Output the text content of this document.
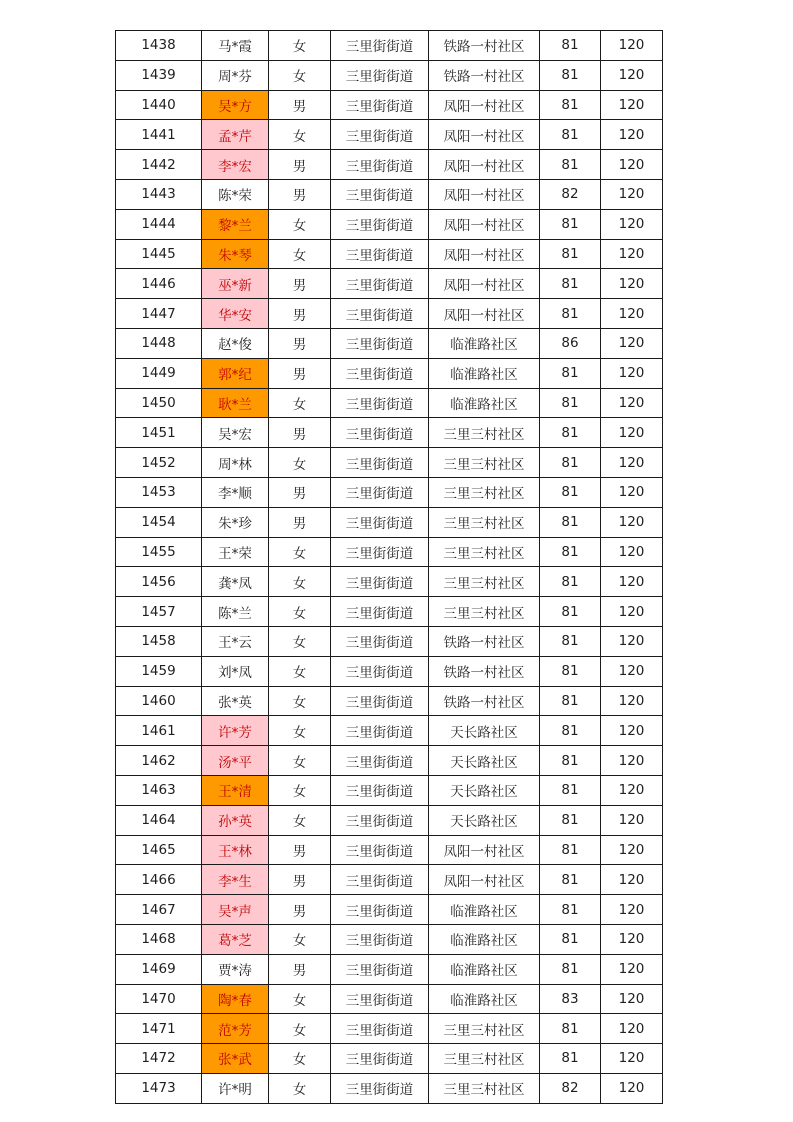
1438	马*霞	女	三里街街道	铁路一村社区	81	120
1439	周*芬	女	三里街街道	铁路一村社区	81	120
1440	吴*方	男	三里街街道	凤阳一村社区	81	120
1441	孟*芹	女	三里街街道	凤阳一村社区	81	120
1442	李*宏	男	三里街街道	凤阳一村社区	81	120
1443	陈*荣	男	三里街街道	凤阳一村社区	82	120
1444	黎*兰	女	三里街街道	凤阳一村社区	81	120
1445	朱*琴	女	三里街街道	凤阳一村社区	81	120
1446	巫*新	男	三里街街道	凤阳一村社区	81	120
1447	华*安	男	三里街街道	凤阳一村社区	81	120
1448	赵*俊	男	三里街街道	临淮路社区	86	120
1449	郭*纪	男	三里街街道	临淮路社区	81	120
1450	耿*兰	女	三里街街道	临淮路社区	81	120
1451	吴*宏	男	三里街街道	三里三村社区	81	120
1452	周*林	女	三里街街道	三里三村社区	81	120
1453	李*顺	男	三里街街道	三里三村社区	81	120
1454	朱*珍	男	三里街街道	三里三村社区	81	120
1455	王*荣	女	三里街街道	三里三村社区	81	120
1456	龚*凤	女	三里街街道	三里三村社区	81	120
1457	陈*兰	女	三里街街道	三里三村社区	81	120
1458	王*云	女	三里街街道	铁路一村社区	81	120
1459	刘*凤	女	三里街街道	铁路一村社区	81	120
1460	张*英	女	三里街街道	铁路一村社区	81	120
1461	许*芳	女	三里街街道	天长路社区	81	120
1462	汤*平	女	三里街街道	天长路社区	81	120
1463	王*清	女	三里街街道	天长路社区	81	120
1464	孙*英	女	三里街街道	天长路社区	81	120
1465	王*林	男	三里街街道	凤阳一村社区	81	120
1466	李*生	男	三里街街道	凤阳一村社区	81	120
1467	吴*声	男	三里街街道	临淮路社区	81	120
1468	葛*芝	女	三里街街道	临淮路社区	81	120
1469	贾*涛	男	三里街街道	临淮路社区	81	120
1470	陶*春	女	三里街街道	临淮路社区	83	120
1471	范*芳	女	三里街街道	三里三村社区	81	120
1472	张*武	女	三里街街道	三里三村社区	81	120
1473	许*明	女	三里街街道	三里三村社区	82	120
